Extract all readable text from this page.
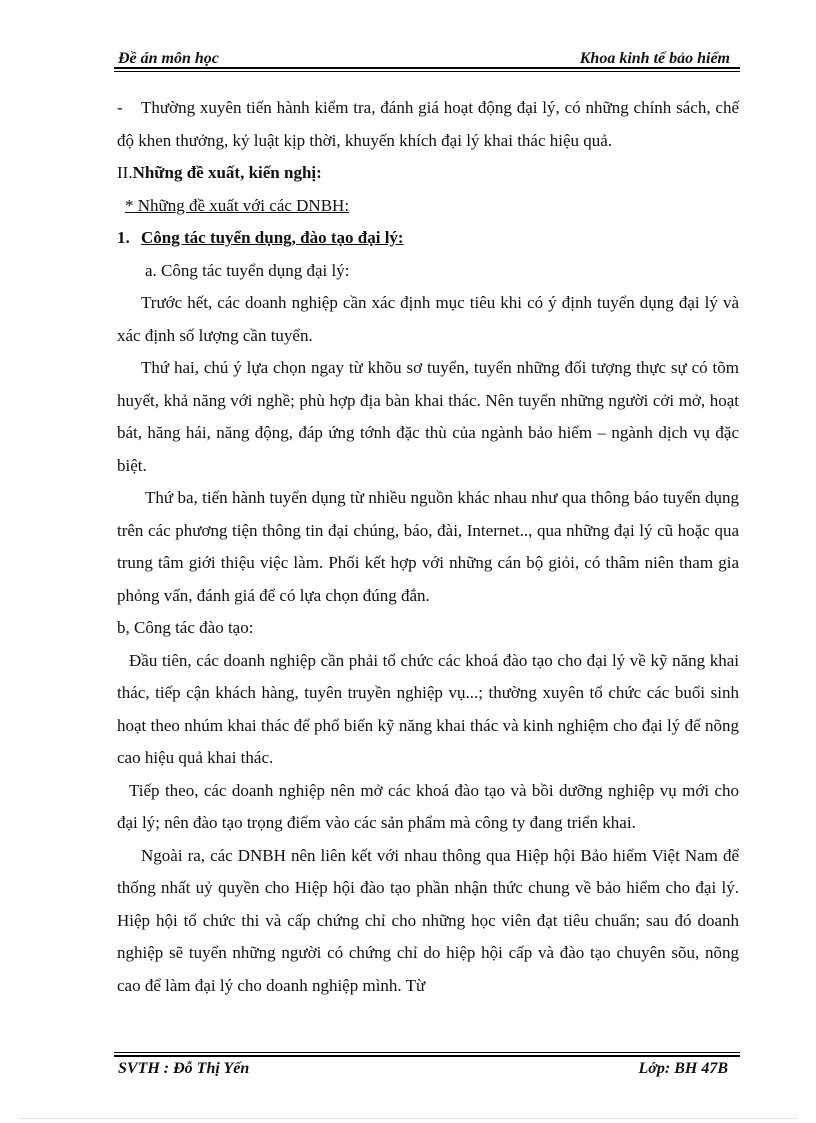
Đề án môn học	Khoa kinh tế bảo hiểm

- Thường xuyên tiến hành kiểm tra, đánh giá hoạt động đại lý, có những chính sách, chế độ khen thưởng, kỷ luật kịp thời, khuyến khích đại lý khai thác hiệu quả.

II.Những đề xuất, kiến nghị:

* Những đề xuất với các DNBH:

1. Công tác tuyển dụng, đào tạo đại lý:

a. Công tác tuyển dụng đại lý:

Trước hết, các doanh nghiệp cần xác định mục tiêu khi có ý định tuyển dụng đại lý và xác định số lượng cần tuyển.

Thứ hai, chú ý lựa chọn ngay từ khõu sơ tuyển, tuyển những đối tượng thực sự có tõm huyết, khả năng với nghề; phù hợp địa bàn khai thác. Nên tuyển những người cởi mở, hoạt bát, hăng hái, năng động, đáp ứng tớnh đặc thù của ngành bảo hiểm – ngành dịch vụ đặc biệt.

Thứ ba, tiến hành tuyển dụng từ nhiều nguồn khác nhau như qua thông báo tuyển dụng trên các phương tiện thông tin đại chúng, báo, đài, Internet.., qua những đại lý cũ hoặc qua trung tâm giới thiệu việc làm. Phối kết hợp với những cán bộ giỏi, có thâm niên tham gia phỏng vấn, đánh giá để có lựa chọn đúng đắn.

b, Công tác đào tạo:

Đầu tiên, các doanh nghiệp cần phải tổ chức các khoá đào tạo cho đại lý về kỹ năng khai thác, tiếp cận khách hàng, tuyên truyền nghiệp vụ...; thường xuyên tổ chức các buổi sinh hoạt theo nhúm khai thác để phổ biến kỹ năng khai thác và kinh nghiệm cho đại lý để nõng cao hiệu quả khai thác.

Tiếp theo, các doanh nghiệp nên mở các khoá đào tạo và bồi dưỡng nghiệp vụ mới cho đại lý; nên đào tạo trọng điểm vào các sản phẩm mà công ty đang triển khai.

Ngoài ra, các DNBH nên liên kết với nhau thông qua Hiệp hội Bảo hiểm Việt Nam để thống nhất uỷ quyền cho Hiệp hội đào tạo phần nhận thức chung về bảo hiểm cho đại lý. Hiệp hội tổ chức thi và cấp chứng chỉ cho những học viên đạt tiêu chuẩn; sau đó doanh nghiệp sẽ tuyển những người có chứng chỉ do hiệp hội cấp và đào tạo chuyên sõu, nõng cao để làm đại lý cho doanh nghiệp mình. Từ

SVTH : Đỗ Thị Yến	Lớp: BH 47B
